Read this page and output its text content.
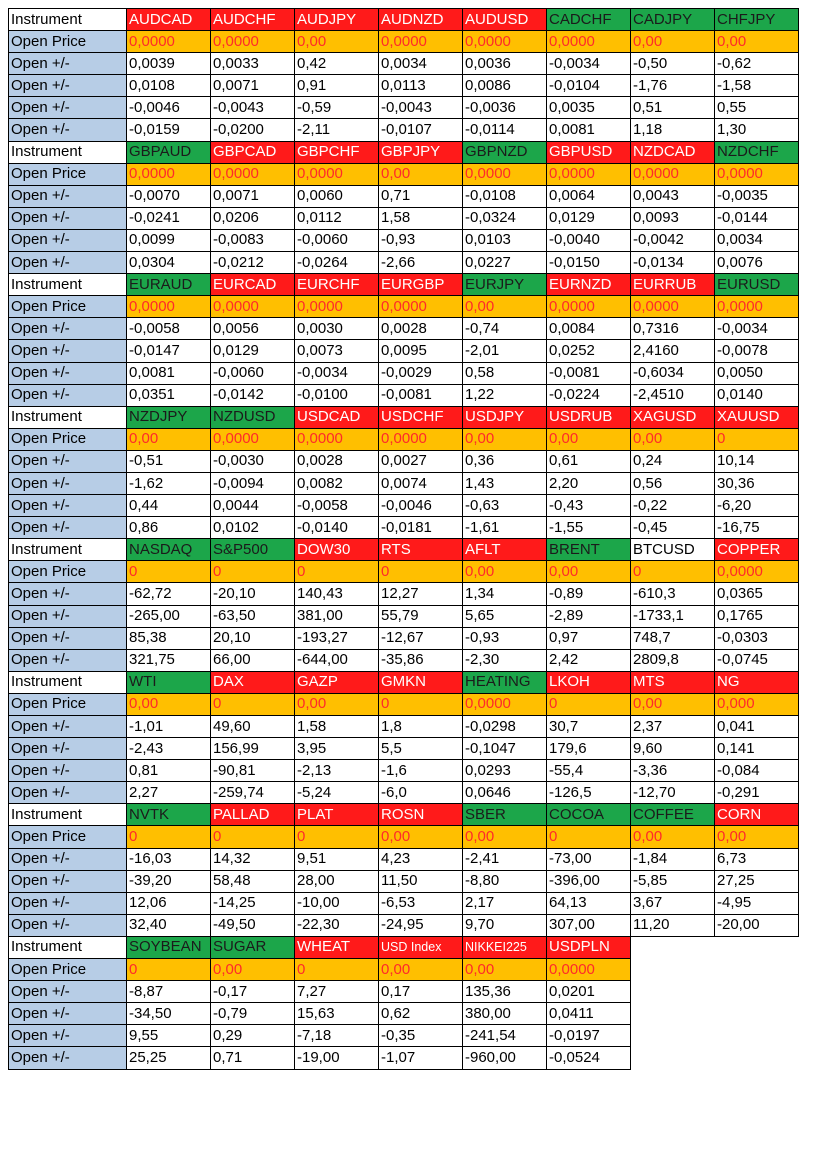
Instrument	AUDCAD	AUDCHF	AUDJPY	AUDNZD	AUDUSD	CADCHF	CADJPY	CHFJPY
Open Price	0,0000	0,0000	0,00	0,0000	0,0000	0,0000	0,00	0,00
Open +/-	0,0039	0,0033	0,42	0,0034	0,0036	-0,0034	-0,50	-0,62
Open +/-	0,0108	0,0071	0,91	0,0113	0,0086	-0,0104	-1,76	-1,58
Open +/-	-0,0046	-0,0043	-0,59	-0,0043	-0,0036	0,0035	0,51	0,55
Open +/-	-0,0159	-0,0200	-2,11	-0,0107	-0,0114	0,0081	1,18	1,30
Instrument	GBPAUD	GBPCAD	GBPCHF	GBPJPY	GBPNZD	GBPUSD	NZDCAD	NZDCHF
Open Price	0,0000	0,0000	0,0000	0,00	0,0000	0,0000	0,0000	0,0000
Open +/-	-0,0070	0,0071	0,0060	0,71	-0,0108	0,0064	0,0043	-0,0035
Open +/-	-0,0241	0,0206	0,0112	1,58	-0,0324	0,0129	0,0093	-0,0144
Open +/-	0,0099	-0,0083	-0,0060	-0,93	0,0103	-0,0040	-0,0042	0,0034
Open +/-	0,0304	-0,0212	-0,0264	-2,66	0,0227	-0,0150	-0,0134	0,0076
Instrument	EURAUD	EURCAD	EURCHF	EURGBP	EURJPY	EURNZD	EURRUB	EURUSD
Open Price	0,0000	0,0000	0,0000	0,0000	0,00	0,0000	0,0000	0,0000
Open +/-	-0,0058	0,0056	0,0030	0,0028	-0,74	0,0084	0,7316	-0,0034
Open +/-	-0,0147	0,0129	0,0073	0,0095	-2,01	0,0252	2,4160	-0,0078
Open +/-	0,0081	-0,0060	-0,0034	-0,0029	0,58	-0,0081	-0,6034	0,0050
Open +/-	0,0351	-0,0142	-0,0100	-0,0081	1,22	-0,0224	-2,4510	0,0140
Instrument	NZDJPY	NZDUSD	USDCAD	USDCHF	USDJPY	USDRUB	XAGUSD	XAUUSD
Open Price	0,00	0,0000	0,0000	0,0000	0,00	0,00	0,00	0
Open +/-	-0,51	-0,0030	0,0028	0,0027	0,36	0,61	0,24	10,14
Open +/-	-1,62	-0,0094	0,0082	0,0074	1,43	2,20	0,56	30,36
Open +/-	0,44	0,0044	-0,0058	-0,0046	-0,63	-0,43	-0,22	-6,20
Open +/-	0,86	0,0102	-0,0140	-0,0181	-1,61	-1,55	-0,45	-16,75
Instrument	NASDAQ	S&P500	DOW30	RTS	AFLT	BRENT	BTCUSD	COPPER
Open Price	0	0	0	0	0,00	0,00	0	0,0000
Open +/-	-62,72	-20,10	140,43	12,27	1,34	-0,89	-610,3	0,0365
Open +/-	-265,00	-63,50	381,00	55,79	5,65	-2,89	-1733,1	0,1765
Open +/-	85,38	20,10	-193,27	-12,67	-0,93	0,97	748,7	-0,0303
Open +/-	321,75	66,00	-644,00	-35,86	-2,30	2,42	2809,8	-0,0745
Instrument	WTI	DAX	GAZP	GMKN	HEATING	LKOH	MTS	NG
Open Price	0,00	0	0,00	0	0,0000	0	0,00	0,000
Open +/-	-1,01	49,60	1,58	1,8	-0,0298	30,7	2,37	0,041
Open +/-	-2,43	156,99	3,95	5,5	-0,1047	179,6	9,60	0,141
Open +/-	0,81	-90,81	-2,13	-1,6	0,0293	-55,4	-3,36	-0,084
Open +/-	2,27	-259,74	-5,24	-6,0	0,0646	-126,5	-12,70	-0,291
Instrument	NVTK	PALLAD	PLAT	ROSN	SBER	COCOA	COFFEE	CORN
Open Price	0	0	0	0,00	0,00	0	0,00	0,00
Open +/-	-16,03	14,32	9,51	4,23	-2,41	-73,00	-1,84	6,73
Open +/-	-39,20	58,48	28,00	11,50	-8,80	-396,00	-5,85	27,25
Open +/-	12,06	-14,25	-10,00	-6,53	2,17	64,13	3,67	-4,95
Open +/-	32,40	-49,50	-22,30	-24,95	9,70	307,00	11,20	-20,00
Instrument	SOYBEAN	SUGAR	WHEAT	USD Index	NIKKEI225	USDPLN		
Open Price	0	0,00	0	0,00	0,00	0,0000		
Open +/-	-8,87	-0,17	7,27	0,17	135,36	0,0201		
Open +/-	-34,50	-0,79	15,63	0,62	380,00	0,0411		
Open +/-	9,55	0,29	-7,18	-0,35	-241,54	-0,0197		
Open +/-	25,25	0,71	-19,00	-1,07	-960,00	-0,0524		
